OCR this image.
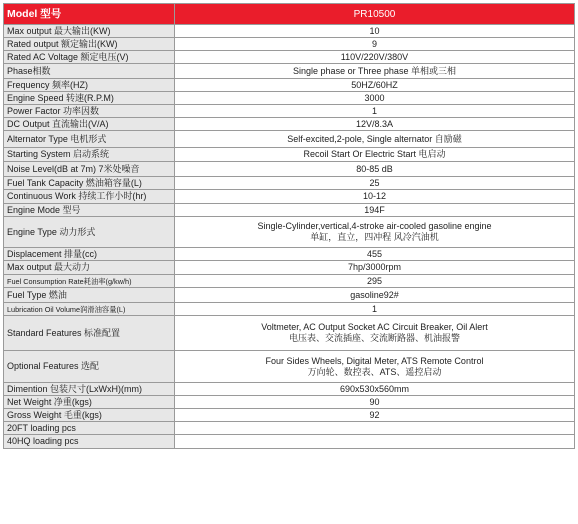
Model 型号	PR10500
Max output 最大输出(KW)	10

Rated output 额定输出(KW)	9

Rated AC Voltage 额定电压(V)	110V/220V/380V

Phase相数	Single phase or Three phase 单相或三相

Frequency 频率(HZ)	50HZ/60HZ

Engine Speed 转速(R.P.M)	3000

Power Factor 功率因数	1

DC Output 直流输出(V/A)	12V/8.3A

Alternator Type 电机形式	Self-excited,2-pole, Single alternator 自励磁

Starting System 启动系统	Recoil Start Or Electric Start 电启动

Noise Level(dB at 7m) 7米处噪音	80-85 dB

Fuel Tank Capacity 燃油箱容量(L)	25

Continuous Work 持续工作小时(hr)	10-12

Engine Mode 型号	194F

Engine Type 动力形式	Single-Cylinder,vertical,4-stroke air-cooled gasoline engine
单缸，直立，四冲程 风冷汽油机

Displacement 排量(cc)	455

Max output 最大动力	7hp/3000rpm

Fuel Consumption Rate耗油率(g/kw/h)	295

Fuel Type 燃油	gasoline92#

Lubrication Oil Volume润滑油容量(L)	1

Standard Features 标准配置	Voltmeter, AC Output Socket AC Circuit Breaker, Oil Alert
电压表、交流插座、交流断路器、机油报警

Optional Features 选配	Four Sides Wheels, Digital Meter, ATS Remote Control
万向轮、数控表、ATS、遥控启动

Dimention 包装尺寸(LxWxH)(mm)	690x530x560mm

Net Weight 净重(kgs)	90

Gross Weight 毛重(kgs)	92

20FT loading pcs	
40HQ loading pcs	
